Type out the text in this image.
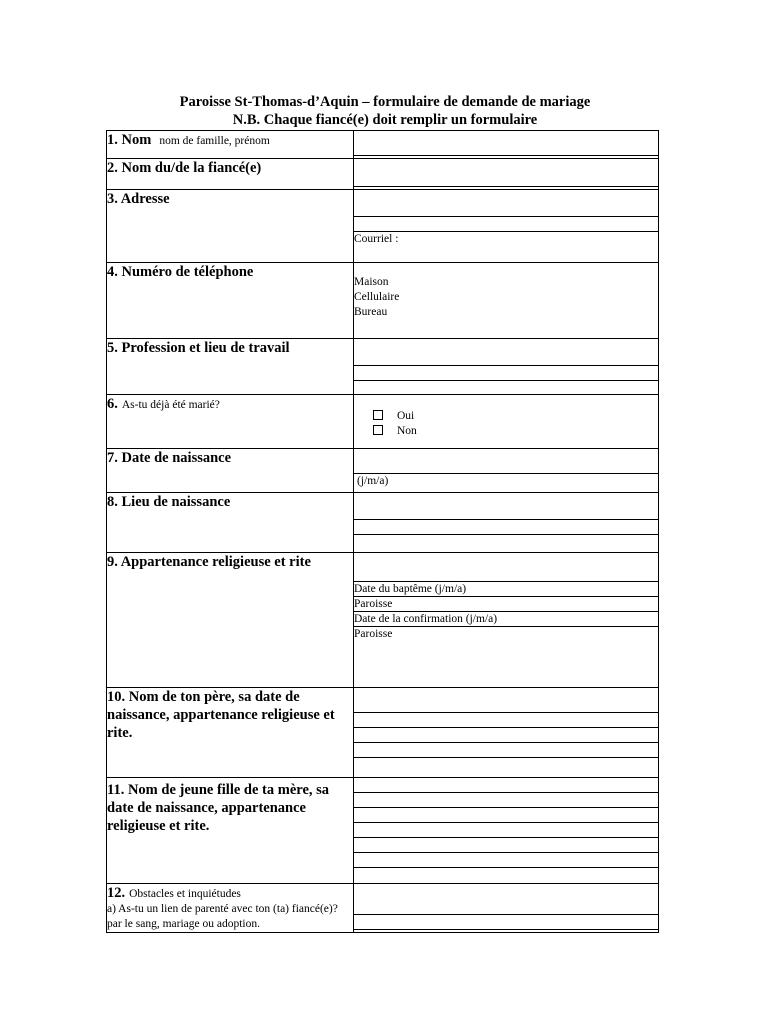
Paroisse St-Thomas-d’Aquin – formulaire de demande de mariage
N.B. Chaque fiancé(e) doit remplir un formulaire
1. Nom nom de famille, prénom	

2. Nom du/de la fiancé(e)	

3. Adresse	Courriel :

4. Numéro de téléphone	Maison
Cellulaire
Bureau

5. Profession et lieu de travail	

6. As-tu déjà été marié?	Oui
Non

7. Date de naissance	(j/m/a)

8. Lieu de naissance	

9. Appartenance religieuse et rite	Date du baptême (j/m/a)
Paroisse
Date de la confirmation (j/m/a)
Paroisse

10. Nom de ton père, sa date de naissance, appartenance religieuse et rite.	

11. Nom de jeune fille de ta mère, sa date de naissance, appartenance religieuse et rite.	

12. Obstacles et inquiétudes
a) As-tu un lien de parenté avec ton (ta) fiancé(e)? par le sang, mariage ou adoption.	
